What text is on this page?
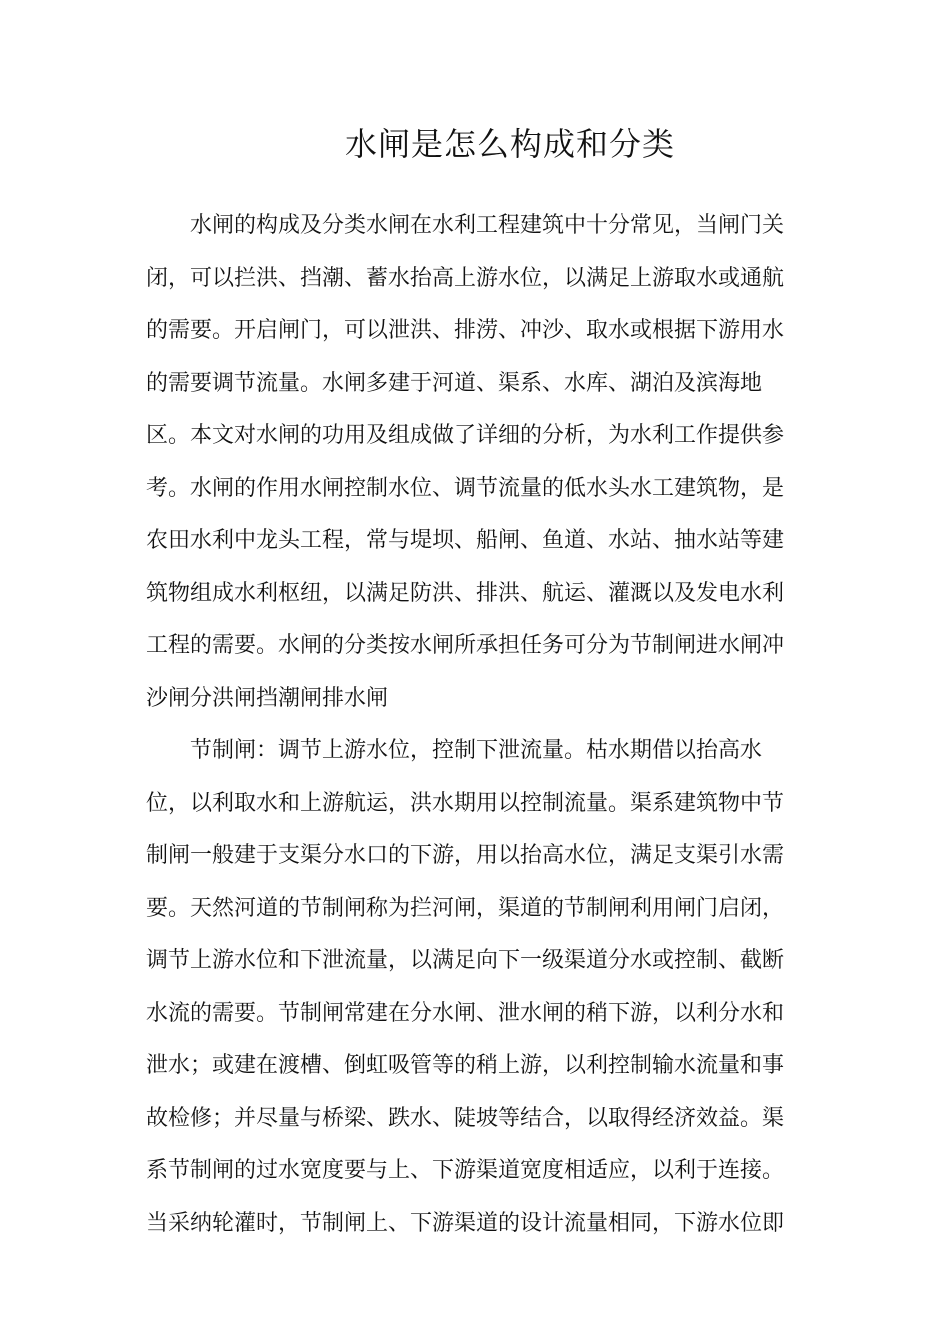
水闸是怎么构成和分类
水闸的构成及分类水闸在水利工程建筑中十分常见，当闸门关
闭，可以拦洪、挡潮、蓄水抬高上游水位，以满足上游取水或通航
的需要。开启闸门，可以泄洪、排涝、冲沙、取水或根据下游用水
的需要调节流量。水闸多建于河道、渠系、水库、湖泊及滨海地
区。本文对水闸的功用及组成做了详细的分析，为水利工作提供参
考。水闸的作用水闸控制水位、调节流量的低水头水工建筑物，是
农田水利中龙头工程，常与堤坝、船闸、鱼道、水站、抽水站等建
筑物组成水利枢纽，以满足防洪、排洪、航运、灌溉以及发电水利
工程的需要。水闸的分类按水闸所承担任务可分为节制闸进水闸冲
沙闸分洪闸挡潮闸排水闸
节制闸：调节上游水位，控制下泄流量。枯水期借以抬高水
位，以利取水和上游航运，洪水期用以控制流量。渠系建筑物中节
制闸一般建于支渠分水口的下游，用以抬高水位，满足支渠引水需
要。天然河道的节制闸称为拦河闸，渠道的节制闸利用闸门启闭，
调节上游水位和下泄流量，以满足向下一级渠道分水或控制、截断
水流的需要。节制闸常建在分水闸、泄水闸的稍下游，以利分水和
泄水；或建在渡槽、倒虹吸管等的稍上游，以利控制输水流量和事
故检修；并尽量与桥梁、跌水、陡坡等结合，以取得经济效益。渠
系节制闸的过水宽度要与上、下游渠道宽度相适应，以利于连接。
当采纳轮灌时，节制闸上、下游渠道的设计流量相同，下游水位即
